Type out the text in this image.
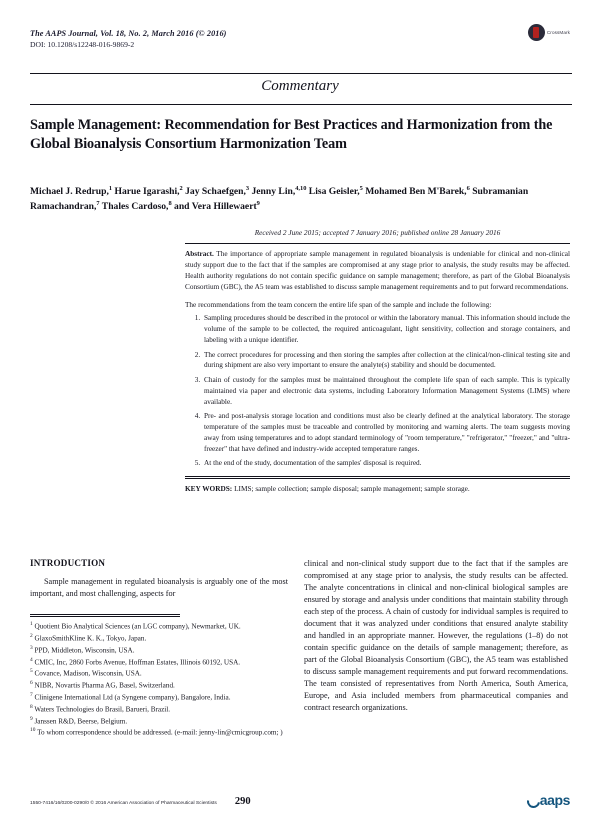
The AAPS Journal, Vol. 18, No. 2, March 2016 (© 2016)
DOI: 10.1208/s12248-016-9869-2
CrossMark
Commentary
Sample Management: Recommendation for Best Practices and Harmonization from the Global Bioanalysis Consortium Harmonization Team
Michael J. Redrup,$^1$ Harue Igarashi,$^2$ Jay Schaefgen,$^3$ Jenny Lin,$^{4,10}$ Lisa Geisler,$^5$ Mohamed Ben M'Barek,$^6$ Subramanian Ramachandran,$^7$ Thales Cardoso,$^8$ and Vera Hillewaert$^9$
Received 2 June 2015; accepted 7 January 2016; published online 28 January 2016
Abstract. The importance of appropriate sample management in regulated bioanalysis is undeniable for clinical and non-clinical study support due to the fact that if the samples are compromised at any stage prior to analysis, the study results may be affected. Health authority regulations do not contain specific guidance on sample management; therefore, as part of the Global Bioanalysis Consortium (GBC), the A5 team was established to discuss sample management requirements and to put forward recommendations.
The recommendations from the team concern the entire life span of the sample and include the following:
1. Sampling procedures should be described in the protocol or within the laboratory manual. This information should include the volume of the sample to be collected, the required anticoagulant, light sensitivity, collection and storage containers, and labeling with a unique identifier.
2. The correct procedures for processing and then storing the samples after collection at the clinical/non-clinical testing site and during shipment are also very important to ensure the analyte(s) stability and should be documented.
3. Chain of custody for the samples must be maintained throughout the complete life span of each sample. This is typically maintained via paper and electronic data systems, including Laboratory Information Management Systems (LIMS) where available.
4. Pre- and post-analysis storage location and conditions must also be clearly defined at the analytical laboratory. The storage temperature of the samples must be traceable and controlled by monitoring and warning alerts. The team suggests moving away from using temperatures and to adopt standard terminology of "room temperature," "refrigerator," "freezer," and "ultra-freezer" that have defined and industry-wide accepted temperature ranges.
5. At the end of the study, documentation of the samples' disposal is required.
KEY WORDS: LIMS; sample collection; sample disposal; sample management; sample storage.
INTRODUCTION
Sample management in regulated bioanalysis is arguably one of the most important, and most challenging, aspects for
$^1$ Quotient Bio Analytical Sciences (an LGC company), Newmarket, UK.
$^2$ GlaxoSmithKline K. K., Tokyo, Japan.
$^3$ PPD, Middleton, Wisconsin, USA.
$^4$ CMIC, Inc, 2860 Forbs Avenue, Hoffman Estates, Illinois 60192, USA.
$^5$ Covance, Madison, Wisconsin, USA.
$^6$ NIBR, Novartis Pharma AG, Basel, Switzerland.
$^7$ Clinigene International Ltd (a Syngene company), Bangalore, India.
$^8$ Waters Technologies do Brasil, Barueri, Brazil.
$^9$ Janssen R&D, Beerse, Belgium.
$^{10}$ To whom correspondence should be addressed. (e-mail: jenny-lin@cmicgroup.com; )
clinical and non-clinical study support due to the fact that if the samples are compromised at any stage prior to analysis, the study results can be affected. The analyte concentrations in clinical and non-clinical biological samples are ensured by storage and analysis under conditions that maintain stability through each step of the process. A chain of custody for individual samples is required to document that it was analyzed under conditions that ensured analyte stability and handled in an appropriate manner. However, the regulations (1–8) do not contain specific guidance on the details of sample management; therefore, as part of the Global Bioanalysis Consortium (GBC), the A5 team was established to discuss sample management requirements and put forward recommendations. The team consisted of representatives from North America, South America, Europe, and Asia included members from pharmaceutical companies and contract research organizations.
1550-7416/16/0200-0290/0 © 2016 American Association of Pharmaceutical Scientists 290	aaps
